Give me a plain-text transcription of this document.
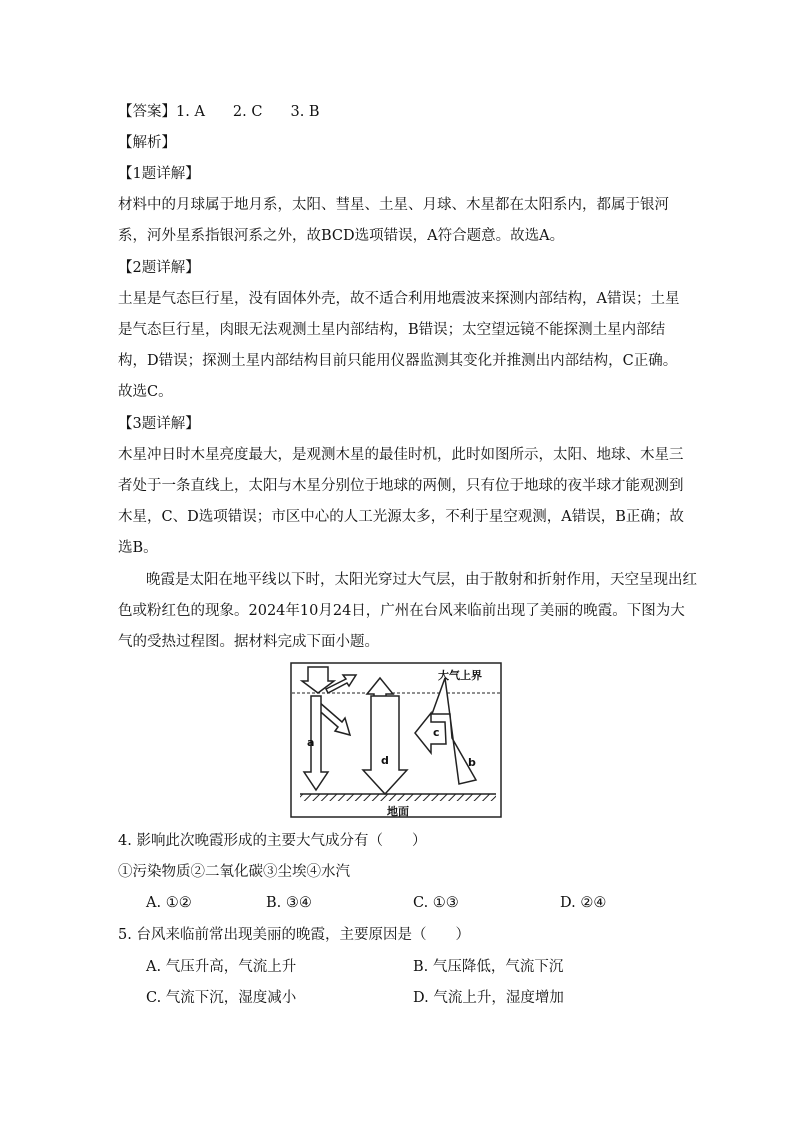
【答案】1. A 2. C 3. B
【解析】
【1题详解】
材料中的月球属于地月系，太阳、彗星、土星、月球、木星都在太阳系内，都属于银河
系，河外星系指银河系之外，故BCD选项错误，A符合题意。故选A。
【2题详解】
土星是气态巨行星，没有固体外壳，故不适合利用地震波来探测内部结构，A错误；土星
是气态巨行星，肉眼无法观测土星内部结构，B错误；太空望远镜不能探测土星内部结
构，D错误；探测土星内部结构目前只能用仪器监测其变化并推测出内部结构，C正确。
故选C。
【3题详解】
木星冲日时木星亮度最大，是观测木星的最佳时机，此时如图所示，太阳、地球、木星三
者处于一条直线上，太阳与木星分别位于地球的两侧，只有位于地球的夜半球才能观测到
木星，C、D选项错误；市区中心的人工光源太多，不利于星空观测，A错误，B正确；故
选B。
晚霞是太阳在地平线以下时，太阳光穿过大气层，由于散射和折射作用，天空呈现出红
色或粉红色的现象。2024年10月24日，广州在台风来临前出现了美丽的晚霞。下图为大
气的受热过程图。据材料完成下面小题。
大气上界
地面
a
d
c
b
4. 影响此次晚霞形成的主要大气成分有（　　）
①污染物质②二氧化碳③尘埃④水汽
A. ①②	B. ③④	C. ①③	D. ②④
5. 台风来临前常出现美丽的晚霞，主要原因是（　　）
A. 气压升高，气流上升	B. 气压降低，气流下沉
C. 气流下沉，湿度减小	D. 气流上升，湿度增加
